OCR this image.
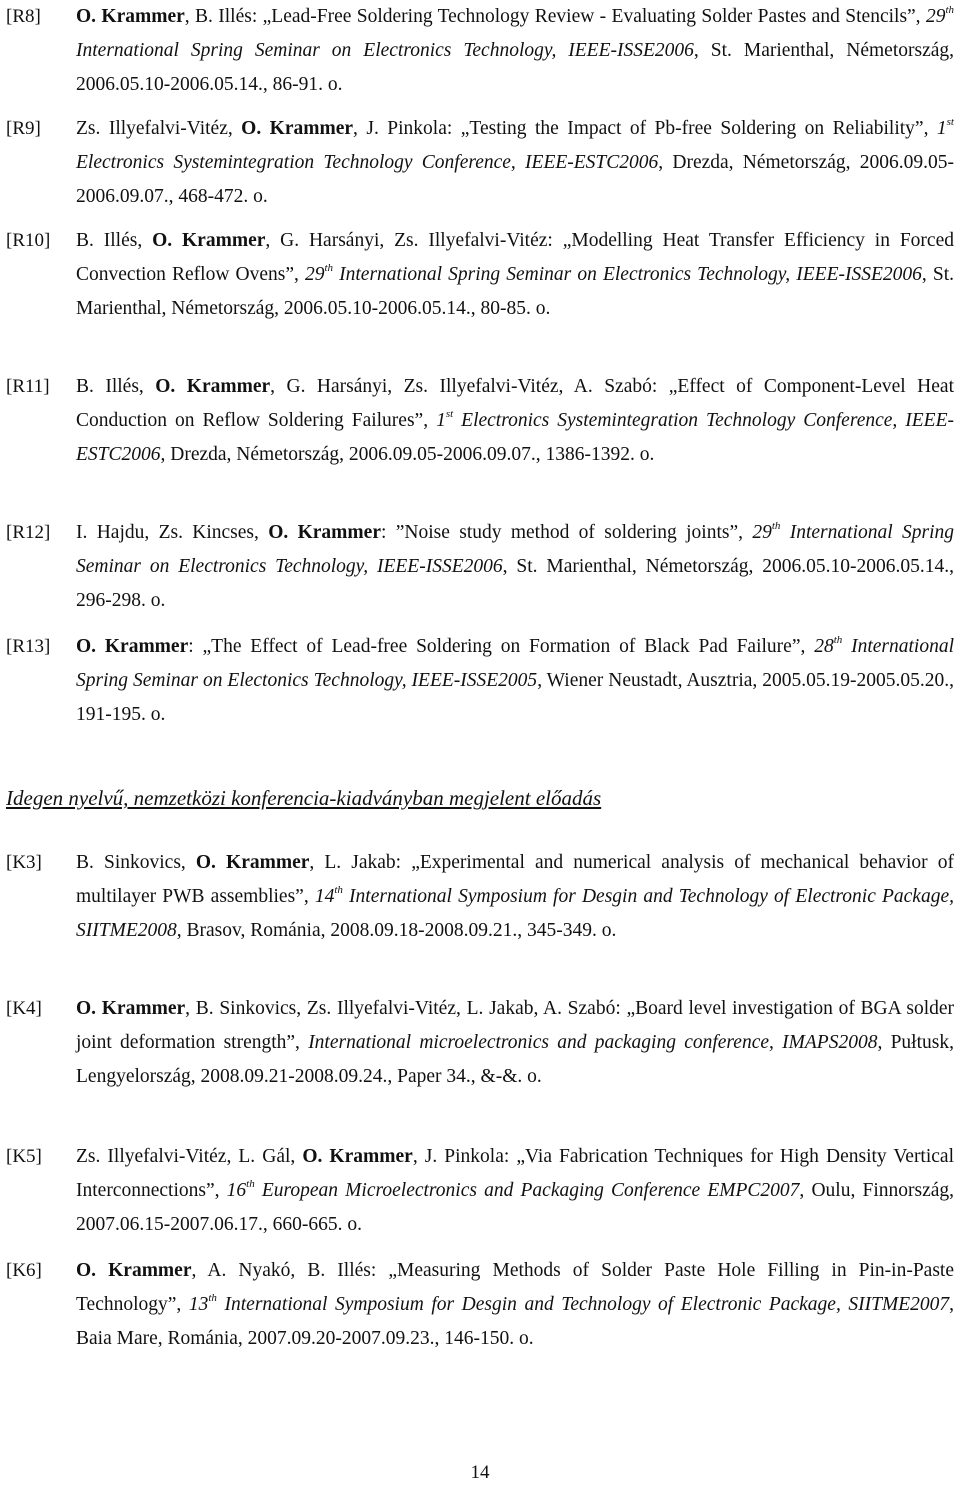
[R8] O. Krammer, B. Illés: „Lead-Free Soldering Technology Review - Evaluating Solder Pastes and Stencils”, 29th International Spring Seminar on Electronics Technology, IEEE-ISSE2006, St. Marienthal, Németország, 2006.05.10-2006.05.14., 86-91. o.
[R9] Zs. Illyefalvi-Vitéz, O. Krammer, J. Pinkola: „Testing the Impact of Pb-free Soldering on Reliability”, 1st Electronics Systemintegration Technology Conference, IEEE-ESTC2006, Drezda, Németország, 2006.09.05-2006.09.07., 468-472. o.
[R10] B. Illés, O. Krammer, G. Harsányi, Zs. Illyefalvi-Vitéz: „Modelling Heat Transfer Efficiency in Forced Convection Reflow Ovens”, 29th International Spring Seminar on Electronics Technology, IEEE-ISSE2006, St. Marienthal, Németország, 2006.05.10-2006.05.14., 80-85. o.
[R11] B. Illés, O. Krammer, G. Harsányi, Zs. Illyefalvi-Vitéz, A. Szabó: „Effect of Component-Level Heat Conduction on Reflow Soldering Failures”, 1st Electronics Systemintegration Technology Conference, IEEE-ESTC2006, Drezda, Németország, 2006.09.05-2006.09.07., 1386-1392. o.
[R12] I. Hajdu, Zs. Kincses, O. Krammer: ”Noise study method of soldering joints”, 29th International Spring Seminar on Electronics Technology, IEEE-ISSE2006, St. Marienthal, Németország, 2006.05.10-2006.05.14., 296-298. o.
[R13] O. Krammer: „The Effect of Lead-free Soldering on Formation of Black Pad Failure”, 28th International Spring Seminar on Electonics Technology, IEEE-ISSE2005, Wiener Neustadt, Ausztria, 2005.05.19-2005.05.20., 191-195. o.
Idegen nyelvű, nemzetközi konferencia-kiadványban megjelent előadás
[K3] B. Sinkovics, O. Krammer, L. Jakab: „Experimental and numerical analysis of mechanical behavior of multilayer PWB assemblies”, 14th International Symposium for Desgin and Technology of Electronic Package, SIITME2008, Brasov, Románia, 2008.09.18-2008.09.21., 345-349. o.
[K4] O. Krammer, B. Sinkovics, Zs. Illyefalvi-Vitéz, L. Jakab, A. Szabó: „Board level investigation of BGA solder joint deformation strength”, International microelectronics and packaging conference, IMAPS2008, Pułtusk, Lengyelország, 2008.09.21-2008.09.24., Paper 34., &-&. o.
[K5] Zs. Illyefalvi-Vitéz, L. Gál, O. Krammer, J. Pinkola: „Via Fabrication Techniques for High Density Vertical Interconnections”, 16th European Microelectronics and Packaging Conference EMPC2007, Oulu, Finnország, 2007.06.15-2007.06.17., 660-665. o.
[K6] O. Krammer, A. Nyakó, B. Illés: „Measuring Methods of Solder Paste Hole Filling in Pin-in-Paste Technology”, 13th International Symposium for Desgin and Technology of Electronic Package, SIITME2007, Baia Mare, Románia, 2007.09.20-2007.09.23., 146-150. o.
14
